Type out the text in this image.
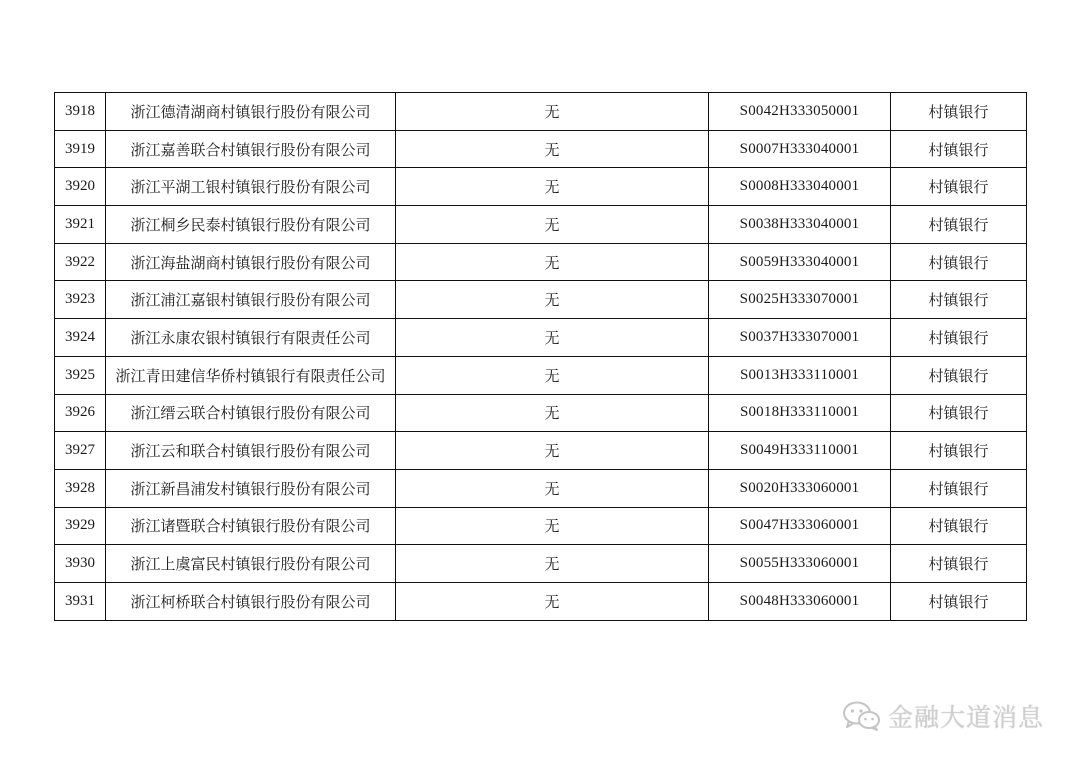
3918	浙江德清湖商村镇银行股份有限公司	无	S0042H333050001	村镇银行
3919	浙江嘉善联合村镇银行股份有限公司	无	S0007H333040001	村镇银行
3920	浙江平湖工银村镇银行股份有限公司	无	S0008H333040001	村镇银行
3921	浙江桐乡民泰村镇银行股份有限公司	无	S0038H333040001	村镇银行
3922	浙江海盐湖商村镇银行股份有限公司	无	S0059H333040001	村镇银行
3923	浙江浦江嘉银村镇银行股份有限公司	无	S0025H333070001	村镇银行
3924	浙江永康农银村镇银行有限责任公司	无	S0037H333070001	村镇银行
3925	浙江青田建信华侨村镇银行有限责任公司	无	S0013H333110001	村镇银行
3926	浙江缙云联合村镇银行股份有限公司	无	S0018H333110001	村镇银行
3927	浙江云和联合村镇银行股份有限公司	无	S0049H333110001	村镇银行
3928	浙江新昌浦发村镇银行股份有限公司	无	S0020H333060001	村镇银行
3929	浙江诸暨联合村镇银行股份有限公司	无	S0047H333060001	村镇银行
3930	浙江上虞富民村镇银行股份有限公司	无	S0055H333060001	村镇银行
3931	浙江柯桥联合村镇银行股份有限公司	无	S0048H333060001	村镇银行
金融大道消息
